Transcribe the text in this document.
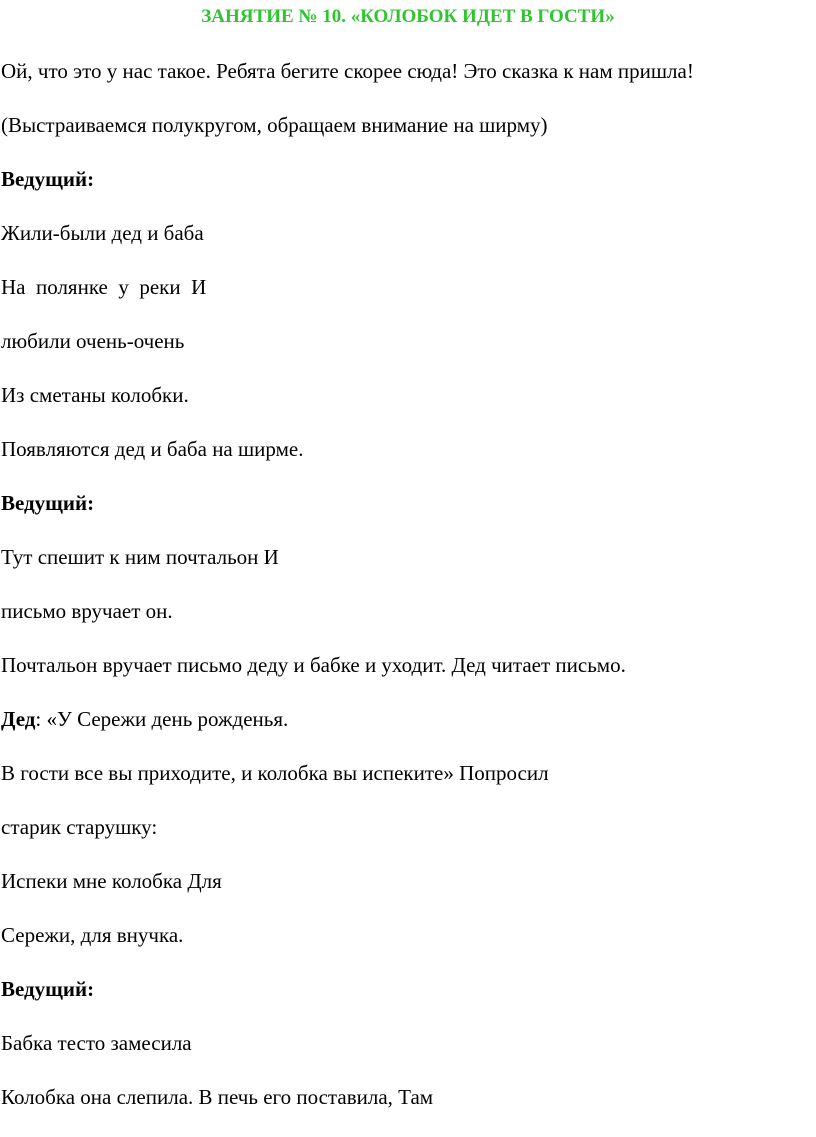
ЗАНЯТИЕ № 10. «КОЛОБОК ИДЕТ В ГОСТИ»
Ой, что это у нас такое. Ребята бегите скорее сюда! Это сказка к нам пришла!
(Выстраиваемся полукругом, обращаем внимание на ширму)
Ведущий:
Жили-были дед и баба
На  полянке  у  реки  И
любили очень-очень
Из сметаны колобки.
Появляются дед и баба на ширме.
Ведущий:
Тут спешит к ним почтальон И
письмо вручает он.
Почтальон вручает письмо деду и бабке и уходит. Дед читает письмо.
Дед: «У Сережи день рожденья.
В гости все вы приходите, и колобка вы испеките» Попросил
старик старушку:
Испеки мне колобка Для
Сережи, для внучка.
Ведущий:
Бабка тесто замесила
Колобка она слепила. В печь его поставила, Там
